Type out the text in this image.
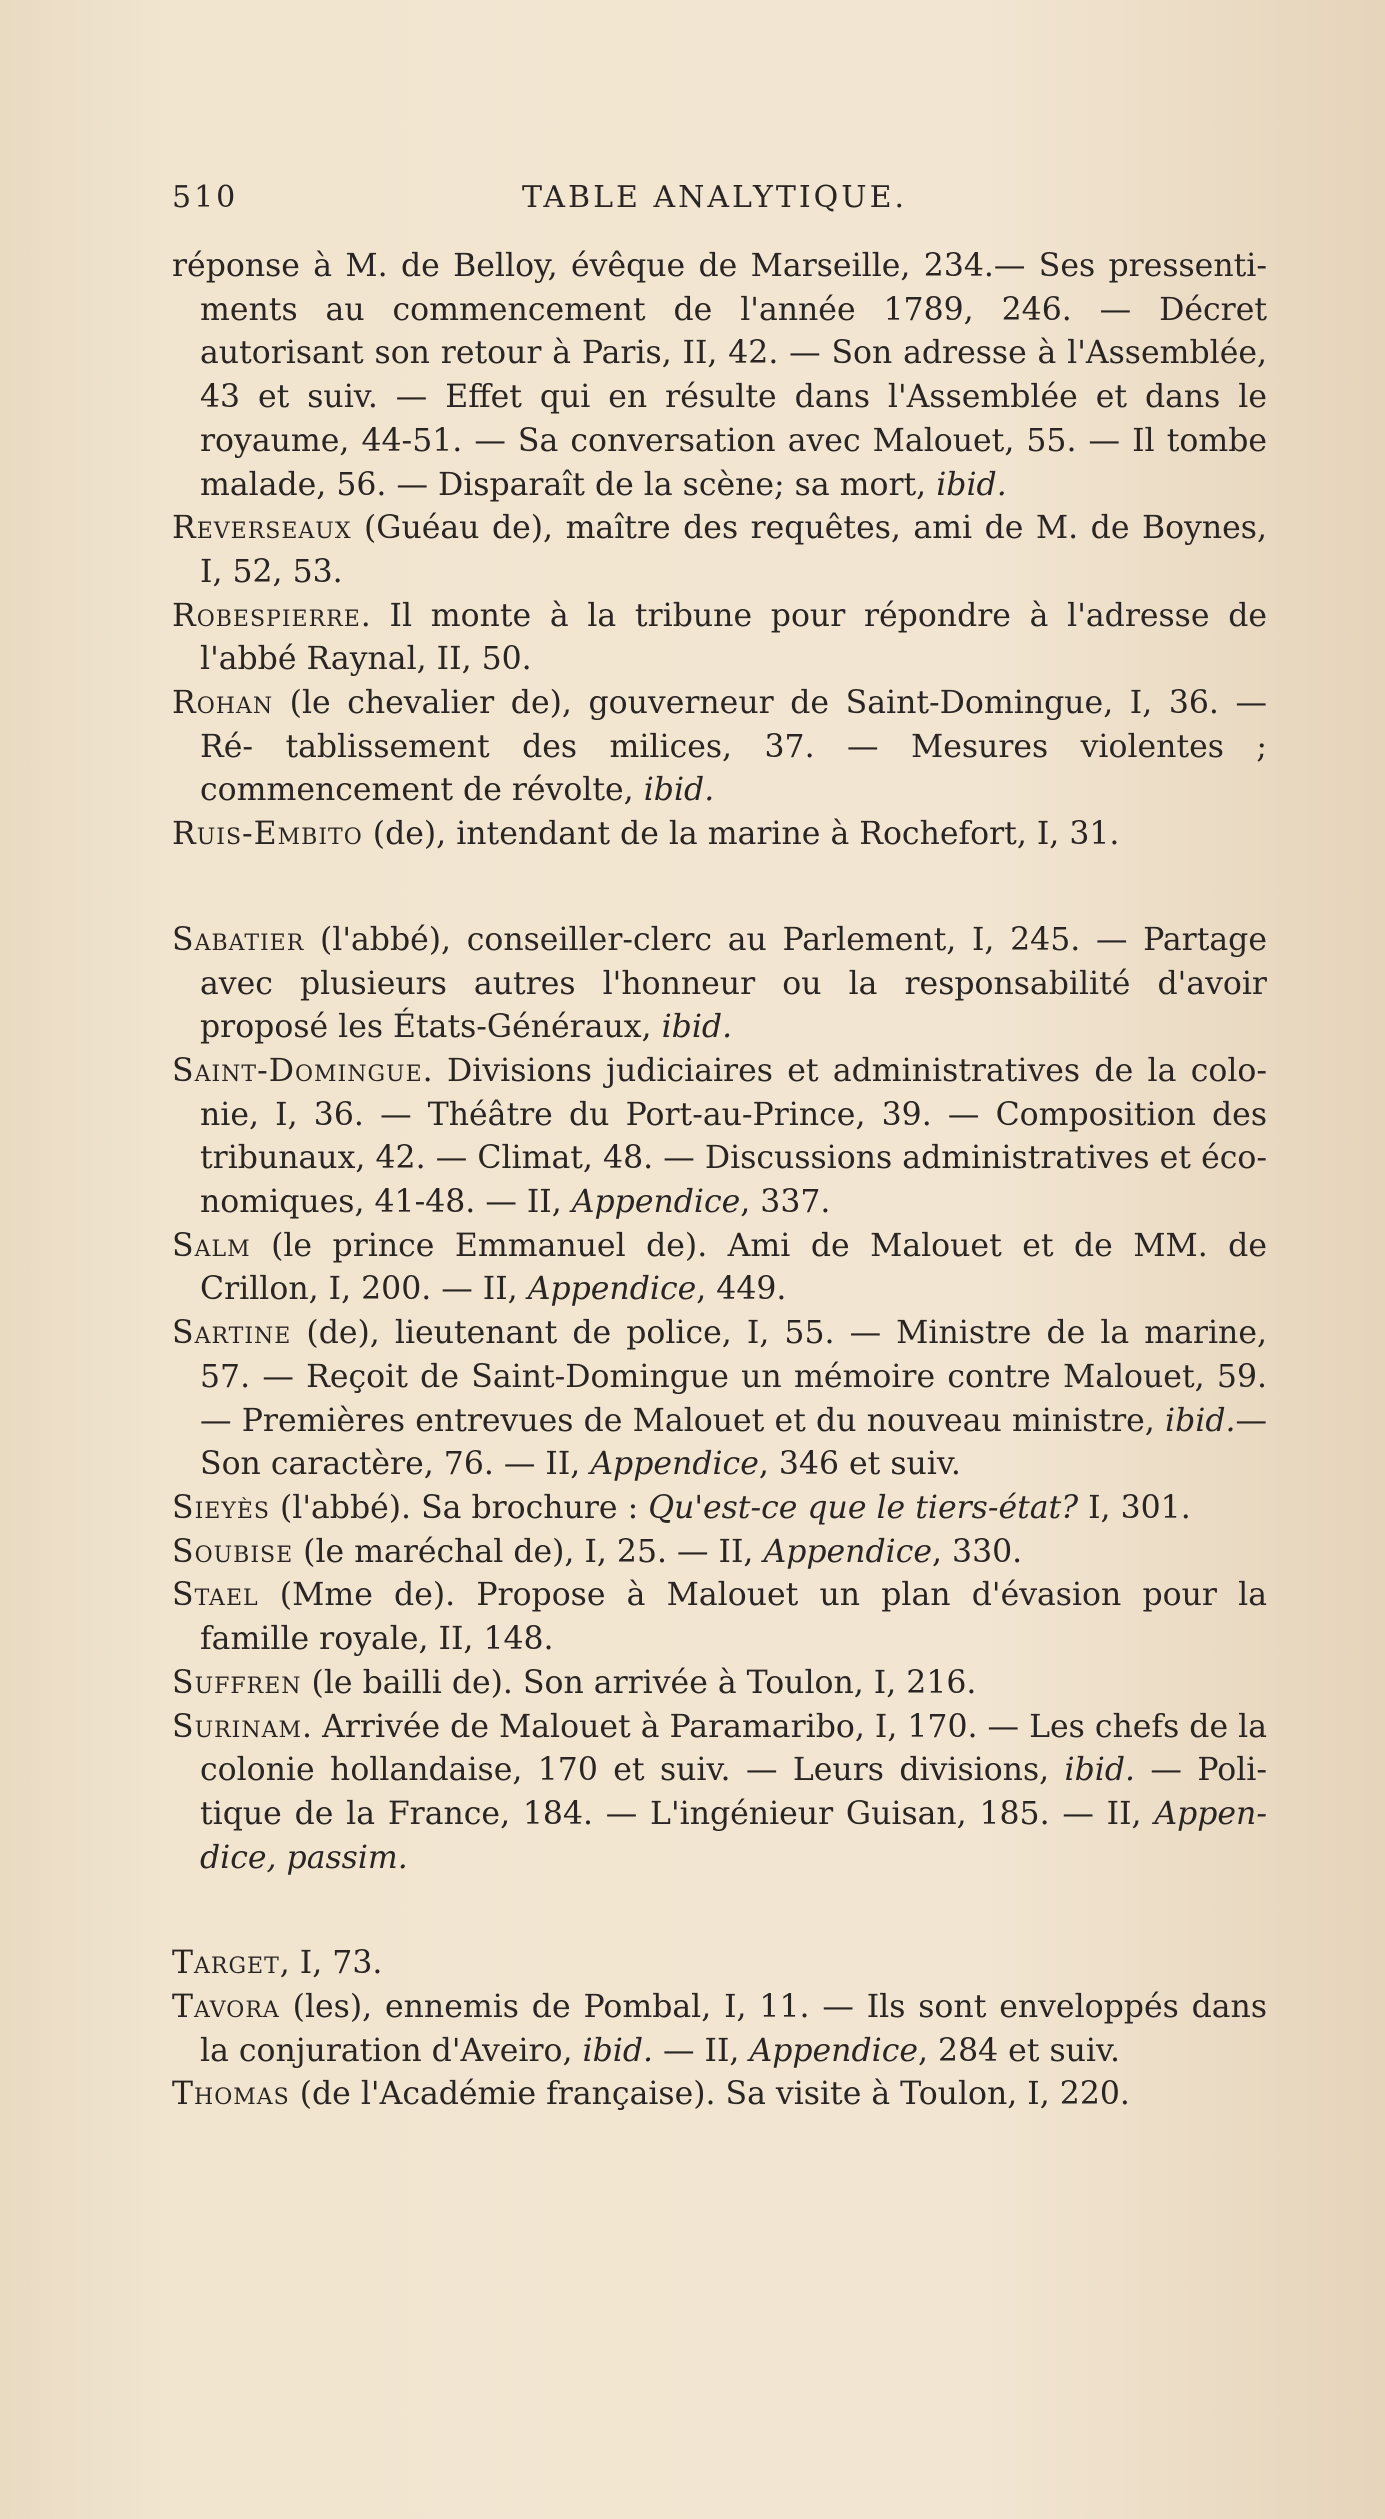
510	TABLE ANALYTIQUE.

réponse à M. de Belloy, évêque de Marseille, 234.— Ses pressenti- ments au commencement de l'année 1789, 246. — Décret autorisant son retour à Paris, II, 42. — Son adresse à l'Assemblée, 43 et suiv. — Effet qui en résulte dans l'Assemblée et dans le royaume, 44-51. — Sa conversation avec Malouet, 55. — Il tombe malade, 56. — Disparaît de la scène; sa mort, ibid.

Reverseaux (Guéau de), maître des requêtes, ami de M. de Boynes, I, 52, 53.

Robespierre. Il monte à la tribune pour répondre à l'adresse de l'abbé Raynal, II, 50.

Rohan (le chevalier de), gouverneur de Saint-Domingue, I, 36. — Ré- tablissement des milices, 37. — Mesures violentes ; commencement de révolte, ibid.

Ruis-Embito (de), intendant de la marine à Rochefort, I, 31.

Sabatier (l'abbé), conseiller-clerc au Parlement, I, 245. — Partage avec plusieurs autres l'honneur ou la responsabilité d'avoir proposé les États-Généraux, ibid.

Saint-Domingue. Divisions judiciaires et administratives de la colo- nie, I, 36. — Théâtre du Port-au-Prince, 39. — Composition des tribunaux, 42. — Climat, 48. — Discussions administratives et éco- nomiques, 41-48. — II, Appendice, 337.

Salm (le prince Emmanuel de). Ami de Malouet et de MM. de Crillon, I, 200. — II, Appendice, 449.

Sartine (de), lieutenant de police, I, 55. — Ministre de la marine, 57. — Reçoit de Saint-Domingue un mémoire contre Malouet, 59. — Premières entrevues de Malouet et du nouveau ministre, ibid.— Son caractère, 76. — II, Appendice, 346 et suiv.

Sieyès (l'abbé). Sa brochure : Qu'est-ce que le tiers-état? I, 301.

Soubise (le maréchal de), I, 25. — II, Appendice, 330.

Stael (Mme de). Propose à Malouet un plan d'évasion pour la famille royale, II, 148.

Suffren (le bailli de). Son arrivée à Toulon, I, 216.

Surinam. Arrivée de Malouet à Paramaribo, I, 170. — Les chefs de la colonie hollandaise, 170 et suiv. — Leurs divisions, ibid. — Poli- tique de la France, 184. — L'ingénieur Guisan, 185. — II, Appen- dice, passim.

Target, I, 73.

Tavora (les), ennemis de Pombal, I, 11. — Ils sont enveloppés dans la conjuration d'Aveiro, ibid. — II, Appendice, 284 et suiv.

Thomas (de l'Académie française). Sa visite à Toulon, I, 220.
